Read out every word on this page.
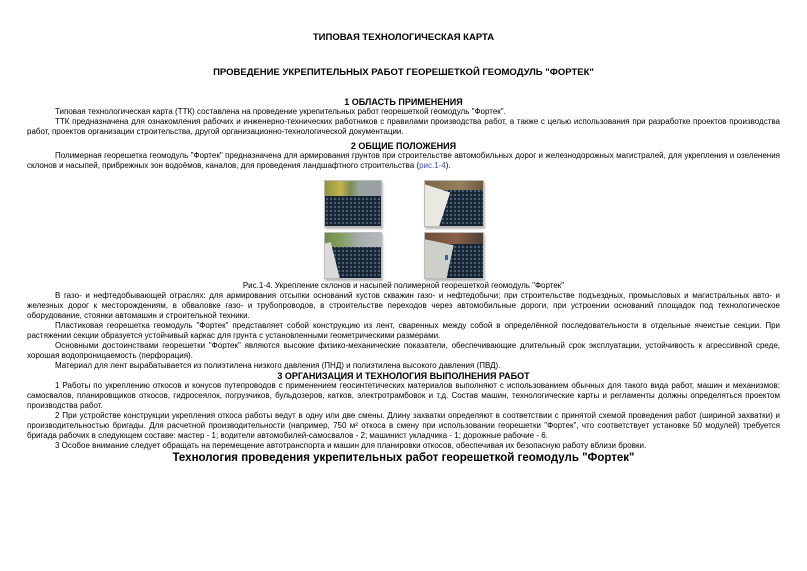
ТИПОВАЯ ТЕХНОЛОГИЧЕСКАЯ КАРТА
ПРОВЕДЕНИЕ УКРЕПИТЕЛЬНЫХ РАБОТ ГЕОРЕШЕТКОЙ ГЕОМОДУЛЬ "ФОРТЕК"
1 ОБЛАСТЬ ПРИМЕНЕНИЯ

Типовая технологическая карта (ТТК) составлена на проведение укрепительных работ георешеткой геомодуль "Фортек".

ТТК предназначена для ознакомления рабочих и инженерно-технических работников с правилами производства работ, а также с целью использования при разработке проектов производства работ, проектов организации строительства, другой организационно-технологической документации.

2 ОБЩИЕ ПОЛОЖЕНИЯ

Полимерная георешетка геомодуль "Фортек" предназначена для армирования грунтов при строительстве автомобильных дорог и железнодорожных магистралей, для укрепления и озеленения склонов и насыпей, прибрежных зон водоёмов, каналов, для проведения ландшафтного строительства (рис.1-4).

Рис.1-4. Укрепление склонов и насыпей полимерной георешеткой геомодуль "Фортек"

В газо- и нефтедобывающей отраслях: для армирования отсыпки оснований кустов скважин газо- и нефтедобычи; при строительстве подъездных, промысловых и магистральных авто- и железных дорог к месторождениям, в обваловке газо- и трубопроводов, в строительстве переходов через автомобильные дороги, при устроении оснований площадок под технологическое оборудование, стоянки автомашин и строительной техники.

Пластиковая георешетка геомодуль "Фортек" представляет собой конструкцию из лент, сваренных между собой в определённой последовательности в отдельные ячеистые секции. При растяжении секции образуется устойчивый каркас для грунта с установленными геометрическими размерами.

Основными достоинствами георешетки "Фортек" являются высокие физико-механические показатели, обеспечивающие длительный срок эксплуатации, устойчивость к агрессивной среде, хорошая водопроницаемость (перфорация).

Материал для лент вырабатывается из полиэтилена низкого давления (ПНД) и полиэтилена высокого давления (ПВД).

3 ОРГАНИЗАЦИЯ И ТЕХНОЛОГИЯ ВЫПОЛНЕНИЯ РАБОТ

1 Работы по укреплению откосов и конусов путепроводов с применением геосинтетических материалов выполняют с использованием обычных для такого вида работ, машин и механизмов: самосвалов, планировщиков откосов, гидросеялок, погрузчиков, бульдозеров, катков, электротрамбовок и т.д. Состав машин, технологические карты и регламенты должны определяться проектом производства работ.

2 При устройстве конструкции укрепления откоса работы ведут в одну или две смены. Длину захватки определяют в соответствии с принятой схемой проведения работ (шириной захватки) и производительностью бригады. Для расчетной производительности (например, 750 м² откоса в смену при использовании георешетки "Фортек", что соответствует установке 50 модулей) требуется бригада рабочих в следующем составе: мастер - 1; водители автомобилей-самосвалов - 2; машинист укладчика - 1; дорожные рабочие - 6.

3 Особое внимание следует обращать на перемещение автотранспорта и машин для планировки откосов, обеспечивая их безопасную работу вблизи бровки.

Технология проведения укрепительных работ георешеткой геомодуль "Фортек"
